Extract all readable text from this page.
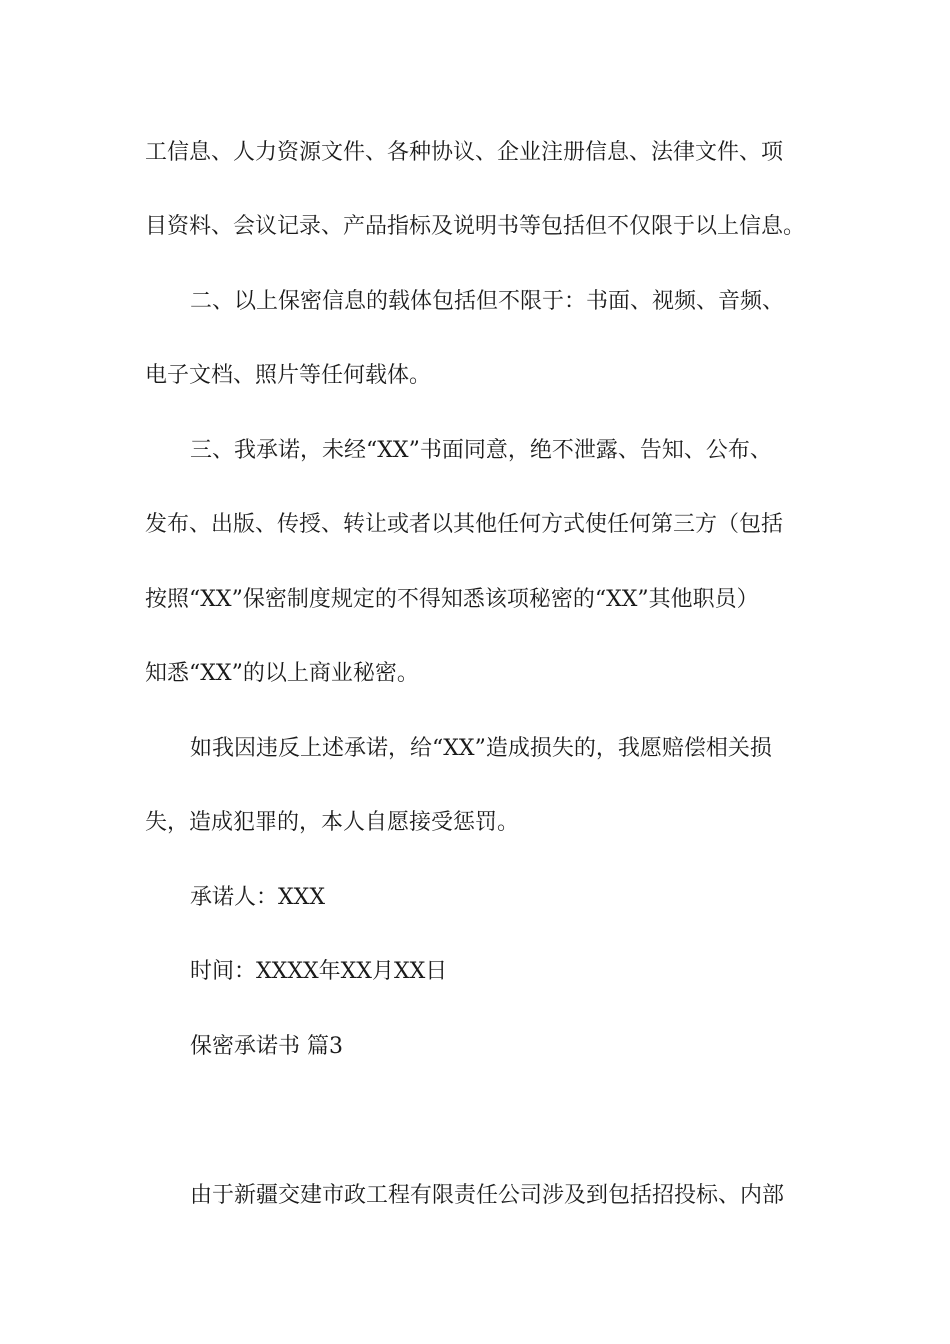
工信息、人力资源文件、各种协议、企业注册信息、法律文件、项
目资料、会议记录、产品指标及说明书等包括但不仅限于以上信息。
二、以上保密信息的载体包括但不限于：书面、视频、音频、
电子文档、照片等任何载体。
三、我承诺，未经“XX”书面同意，绝不泄露、告知、公布、
发布、出版、传授、转让或者以其他任何方式使任何第三方（包括
按照“XX”保密制度规定的不得知悉该项秘密的“XX”其他职员）
知悉“XX”的以上商业秘密。
如我因违反上述承诺，给“XX”造成损失的，我愿赔偿相关损
失，造成犯罪的，本人自愿接受惩罚。
承诺人：XXX
时间：XXXX年XX月XX日
保密承诺书 篇3
由于新疆交建市政工程有限责任公司涉及到包括招投标、内部
